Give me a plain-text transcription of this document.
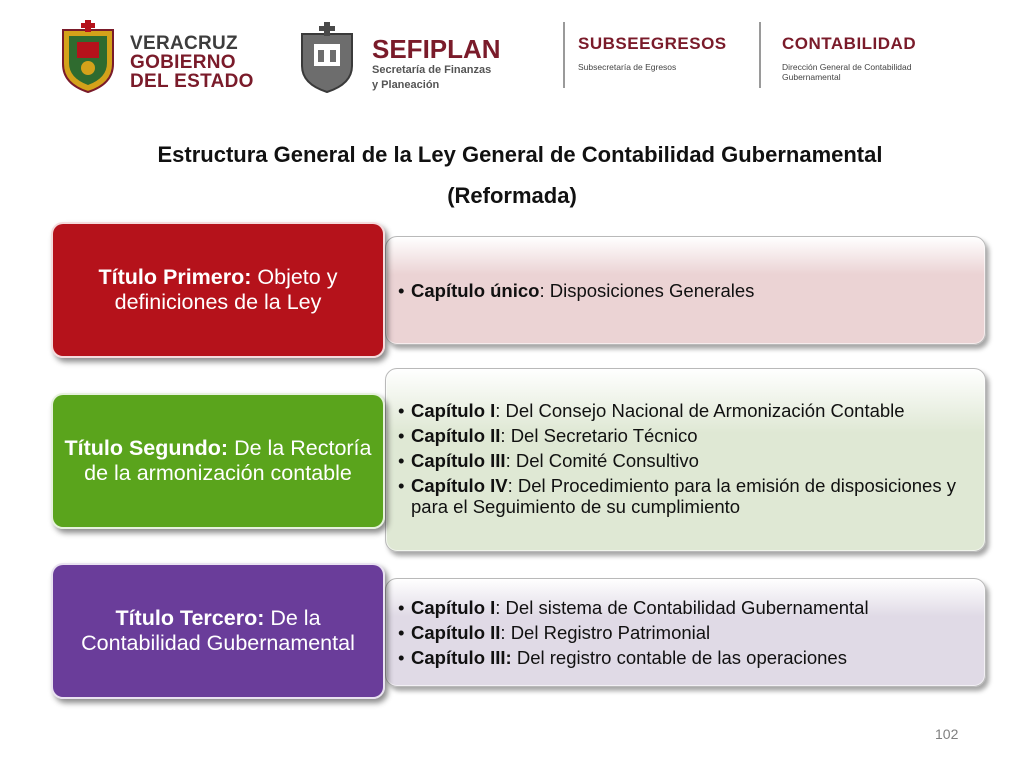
VERACRUZ
GOBIERNO
DEL ESTADO
SEFIPLAN
Secretaría de Finanzas
y Planeación
SUBSEEGRESOS
Subsecretaría de Egresos
CONTABILIDAD
Dirección General de Contabilidad Gubernamental
Estructura General de la Ley General de Contabilidad Gubernamental
(Reformada)
• Capítulo único: Disposiciones Generales
Título Primero: Objeto y definiciones de la Ley
• Capítulo I: Del Consejo Nacional de Armonización Contable
• Capítulo II: Del Secretario Técnico
• Capítulo III: Del Comité Consultivo
• Capítulo IV: Del Procedimiento para la emisión de disposiciones y para el Seguimiento de su cumplimiento
Título Segundo: De la Rectoría de la armonización contable
• Capítulo I: Del sistema de Contabilidad Gubernamental
• Capítulo II: Del Registro Patrimonial
• Capítulo III: Del registro contable de las operaciones
Título Tercero: De la Contabilidad Gubernamental
102
